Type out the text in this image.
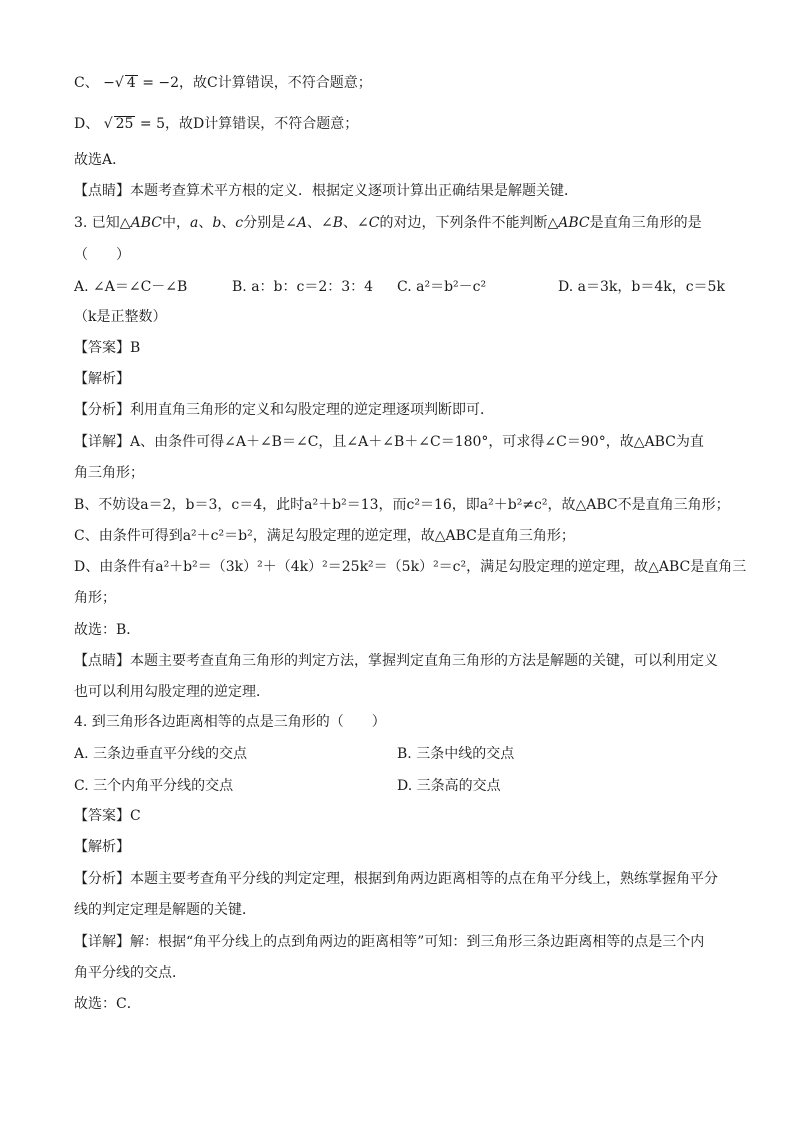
C、 −√ 4 = −2，故C计算错误，不符合题意；
D、 √ 25 = 5，故D计算错误，不符合题意；
故选A．
【点睛】本题考查算术平方根的定义．根据定义逐项计算出正确结果是解题关键．
3. 已知△ABC中，a、b、c分别是∠A、∠B、∠C的对边，下列条件不能判断△ABC是直角三角形的是
（　　）
A. ∠A＝∠C－∠B	B. a：b：c＝2：3：4 C. a²＝b²－c²	D. a＝3k，b＝4k，c＝5k
（k是正整数）
【答案】B
【解析】
【分析】利用直角三角形的定义和勾股定理的逆定理逐项判断即可．
【详解】A、由条件可得∠A＋∠B＝∠C，且∠A＋∠B＋∠C＝180°，可求得∠C＝90°，故△ABC为直
角三角形；
B、不妨设a＝2，b＝3，c＝4，此时a²＋b²＝13，而c²＝16，即a²＋b²≠c²，故△ABC不是直角三角形；
C、由条件可得到a²＋c²＝b²，满足勾股定理的逆定理，故△ABC是直角三角形；
D、由条件有a²＋b²＝（3k）²＋（4k）²＝25k²＝（5k）²＝c²，满足勾股定理的逆定理，故△ABC是直角三
角形；
故选：B．
【点睛】本题主要考查直角三角形的判定方法，掌握判定直角三角形的方法是解题的关键，可以利用定义
也可以利用勾股定理的逆定理．
4. 到三角形各边距离相等的点是三角形的（　　）
A. 三条边垂直平分线的交点	B. 三条中线的交点
C. 三个内角平分线的交点	D. 三条高的交点
【答案】C
【解析】
【分析】本题主要考查角平分线的判定定理，根据到角两边距离相等的点在角平分线上，熟练掌握角平分
线的判定定理是解题的关键．
【详解】解：根据“角平分线上的点到角两边的距离相等”可知：到三角形三条边距离相等的点是三个内
角平分线的交点．
故选：C．
